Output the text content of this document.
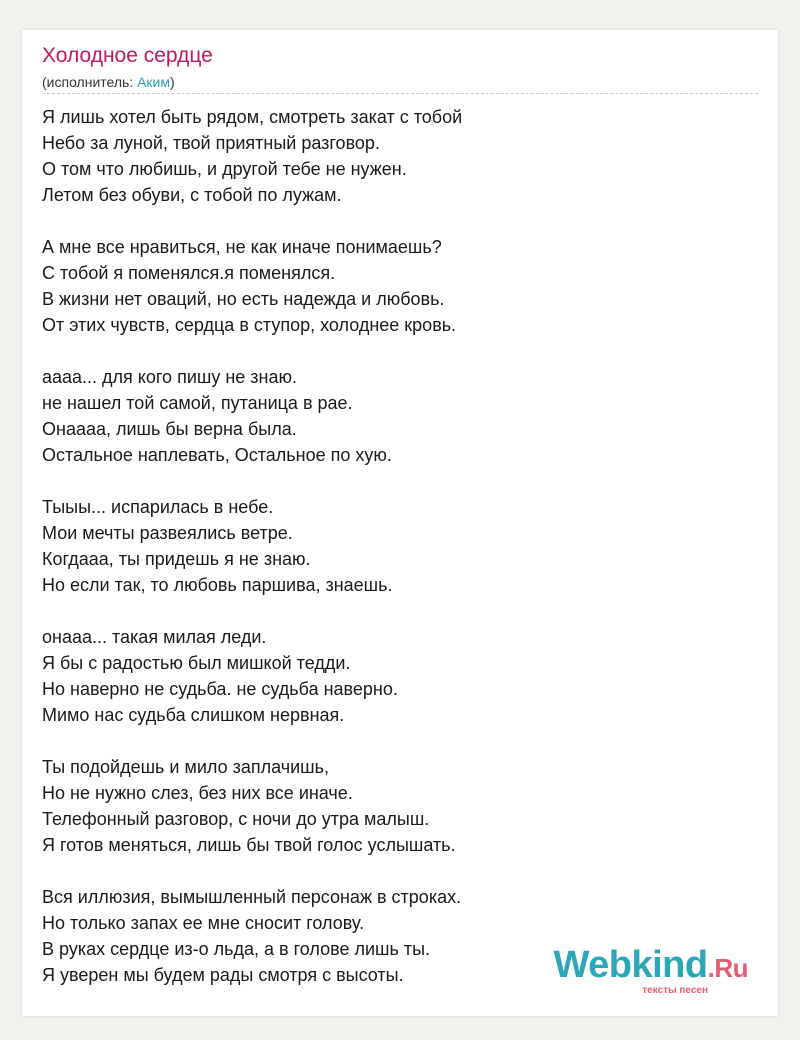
Холодное сердце
(исполнитель: Аким)
Я лишь хотел быть рядом, смотреть закат с тобой
Небо за луной, твой приятный разговор.
О том что любишь, и другой тебе не нужен.
Летом без обуви, с тобой по лужам.
А мне все нравиться, не как иначе понимаешь?
С тобой я поменялся.я поменялся.
В жизни нет оваций, но есть надежда и любовь.
От этих чувств, сердца в ступор, холоднее кровь.
аааа... для кого пишу не знаю.
не нашел той самой, путаница в рае.
Онаааа, лишь бы верна была.
Остальное наплевать, Остальное по хую.
Тыыы... испарилась в небе.
Мои мечты развеялись ветре.
Когдааа, ты придешь я не знаю.
Но если так, то любовь паршива, знаешь.
онааа... такая милая леди.
Я бы с радостью был мишкой тедди.
Но наверно не судьба. не судьба наверно.
Мимо нас судьба слишком нервная.
Ты подойдешь и мило заплачишь,
Но не нужно слез, без них все иначе.
Телефонный разговор, с ночи до утра малыш.
Я готов меняться, лишь бы твой голос услышать.
Вся иллюзия, вымышленный персонаж в строках.
Но только запах ее мне сносит голову.
В руках сердце из-о льда, а в голове лишь ты.
Я уверен мы будем рады смотря с высоты.	Webkind.Ru
тексты песен
